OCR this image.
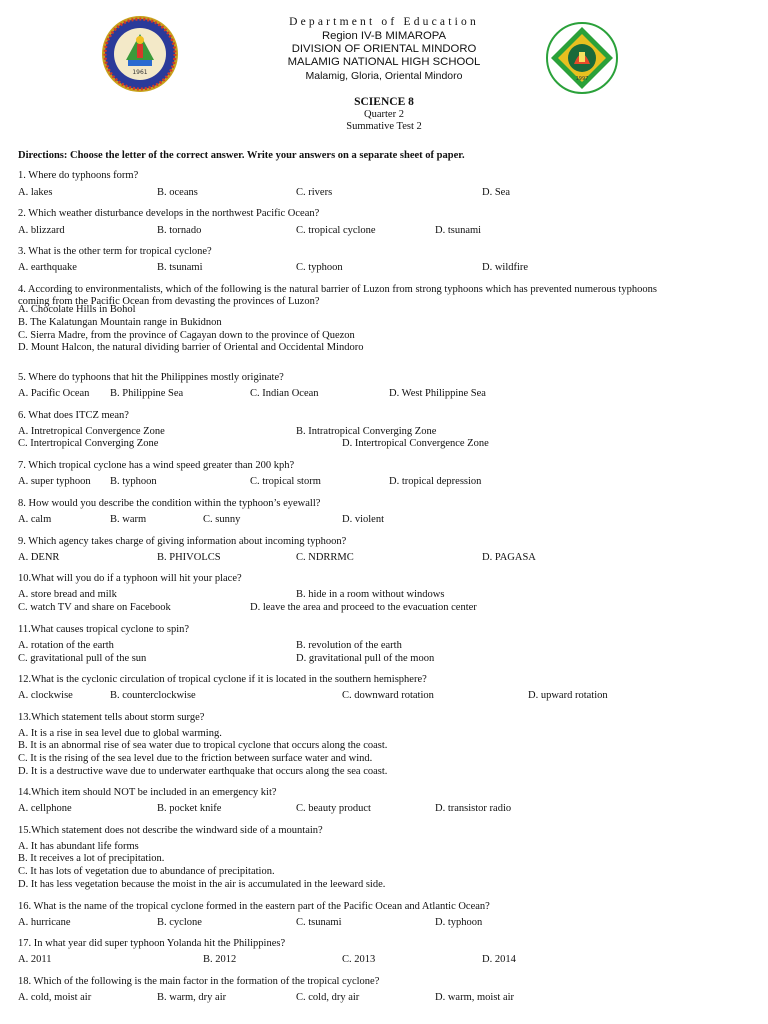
1961
1997
Department of Education
Region IV-B MIMAROPA
DIVISION OF ORIENTAL MINDORO
MALAMIG NATIONAL HIGH SCHOOL
Malamig, Gloria, Oriental Mindoro
SCIENCE 8
Quarter 2
Summative Test 2
Directions: Choose the letter of the correct answer. Write your answers on a separate sheet of paper.
1. Where do typhoons form?
A. lakes	B. oceans	C. rivers	D. Sea
2. Which weather disturbance develops in the northwest Pacific Ocean?
A. blizzard	B. tornado	C. tropical cyclone	D. tsunami
3. What is the other term for tropical cyclone?
A. earthquake	B. tsunami	C. typhoon	D. wildfire
4. According to environmentalists, which of the following is the natural barrier of Luzon from strong typhoons which has prevented numerous typhoons
coming from the Pacific Ocean from devasting the provinces of Luzon?
A. Chocolate Hills in Bohol
B. The Kalatungan Mountain range in Bukidnon
C. Sierra Madre, from the province of Cagayan down to the province of Quezon
D. Mount Halcon, the natural dividing barrier of Oriental and Occidental Mindoro
5. Where do typhoons that hit the Philippines mostly originate?
A. Pacific Ocean B. Philippine Sea	C. Indian Ocean	D. West Philippine Sea
6. What does ITCZ mean?
A. Intretropical Convergence Zone	B. Intratropical Converging Zone
C. Intertropical Converging Zone	D. Intertropical Convergence Zone
7. Which tropical cyclone has a wind speed greater than 200 kph?
A. super typhoon B. typhoon	C. tropical storm	D. tropical depression
8. How would you describe the condition within the typhoon’s eyewall?
A. calm	B. warm	C. sunny	D. violent
9. Which agency takes charge of giving information about incoming typhoon?
A. DENR	B. PHIVOLCS	C. NDRRMC	D. PAGASA
10.What will you do if a typhoon will hit your place?
A. store bread and milk	B. hide in a room without windows
C. watch TV and share on Facebook	D. leave the area and proceed to the evacuation center
11.What causes tropical cyclone to spin?
A. rotation of the earth	B. revolution of the earth
C. gravitational pull of the sun	D. gravitational pull of the moon
12.What is the cyclonic circulation of tropical cyclone if it is located in the southern hemisphere?
A. clockwise	B. counterclockwise	C. downward rotation	D. upward rotation
13.Which statement tells about storm surge?
A. It is a rise in sea level due to global warming.
B. It is an abnormal rise of sea water due to tropical cyclone that occurs along the coast.
C. It is the rising of the sea level due to the friction between surface water and wind.
D. It is a destructive wave due to underwater earthquake that occurs along the sea coast.
14.Which item should NOT be included in an emergency kit?
A. cellphone	B. pocket knife	C. beauty product	D. transistor radio
15.Which statement does not describe the windward side of a mountain?
A. It has abundant life forms
B. It receives a lot of precipitation.
C. It has lots of vegetation due to abundance of precipitation.
D. It has less vegetation because the moist in the air is accumulated in the leeward side.
16. What is the name of the tropical cyclone formed in the eastern part of the Pacific Ocean and Atlantic Ocean?
A. hurricane	B. cyclone	C. tsunami	D. typhoon
17. In what year did super typhoon Yolanda hit the Philippines?
A. 2011	B. 2012	C. 2013	D. 2014
18. Which of the following is the main factor in the formation of the tropical cyclone?
A. cold, moist air	B. warm, dry air	C. cold, dry air	D. warm, moist air
